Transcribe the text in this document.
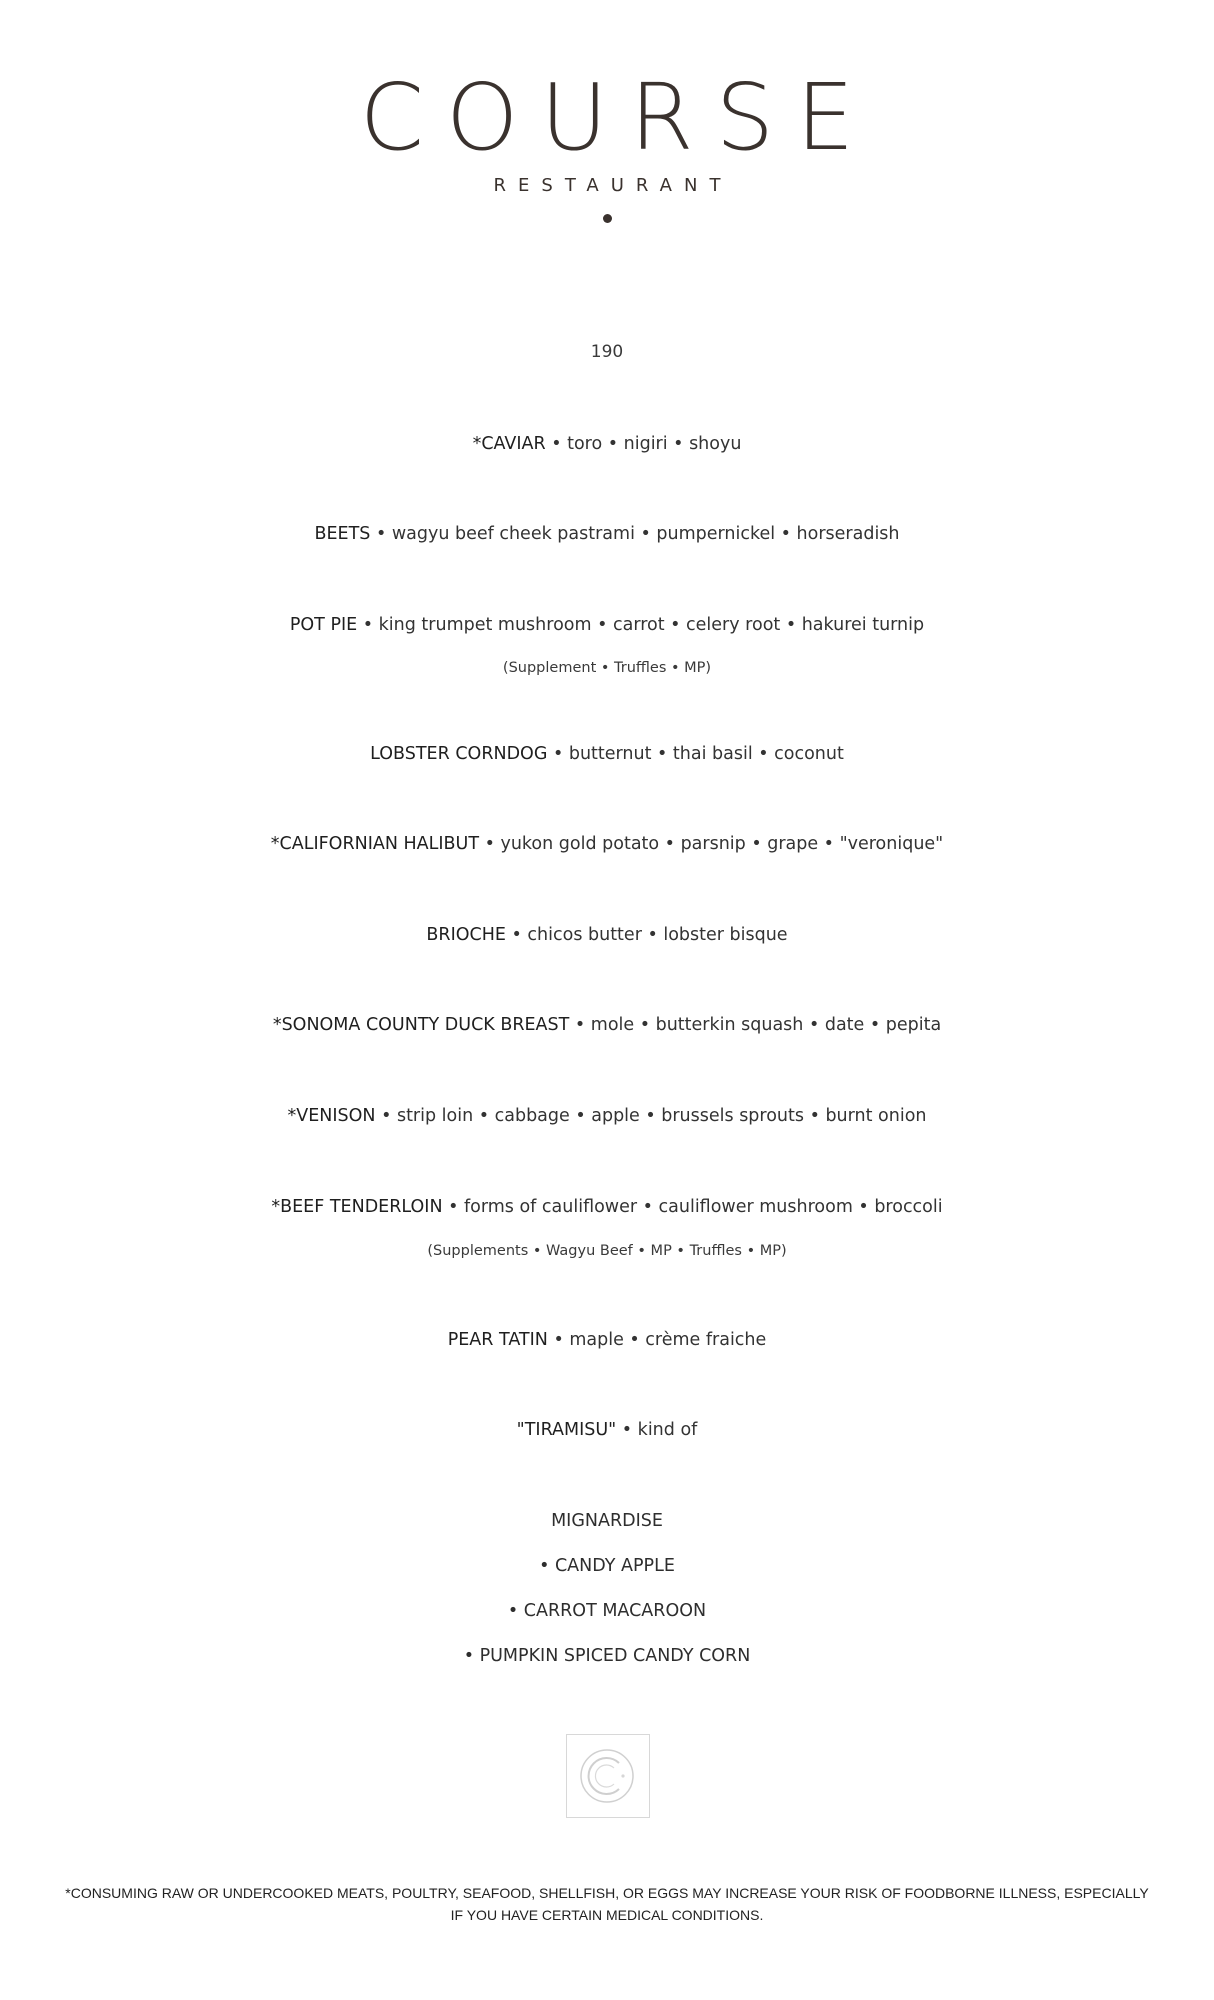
COURSE
RESTAURANT
190
*CAVIAR • toro • nigiri • shoyu
BEETS • wagyu beef cheek pastrami • pumpernickel • horseradish
POT PIE • king trumpet mushroom • carrot • celery root • hakurei turnip
(Supplement • Truffles • MP)
LOBSTER CORNDOG • butternut • thai basil • coconut
*CALIFORNIAN HALIBUT • yukon gold potato • parsnip • grape • "veronique"
BRIOCHE • chicos butter • lobster bisque
*SONOMA COUNTY DUCK BREAST • mole • butterkin squash • date • pepita
*VENISON • strip loin • cabbage • apple • brussels sprouts • burnt onion
*BEEF TENDERLOIN • forms of cauliflower • cauliflower mushroom • broccoli
(Supplements • Wagyu Beef • MP • Truffles • MP)
PEAR TATIN • maple • crème fraiche
"TIRAMISU" • kind of
MIGNARDISE
• CANDY APPLE
• CARROT MACAROON
• PUMPKIN SPICED CANDY CORN
*CONSUMING RAW OR UNDERCOOKED MEATS, POULTRY, SEAFOOD, SHELLFISH, OR EGGS MAY INCREASE YOUR RISK OF FOODBORNE ILLNESS, ESPECIALLY IF YOU HAVE CERTAIN MEDICAL CONDITIONS.
